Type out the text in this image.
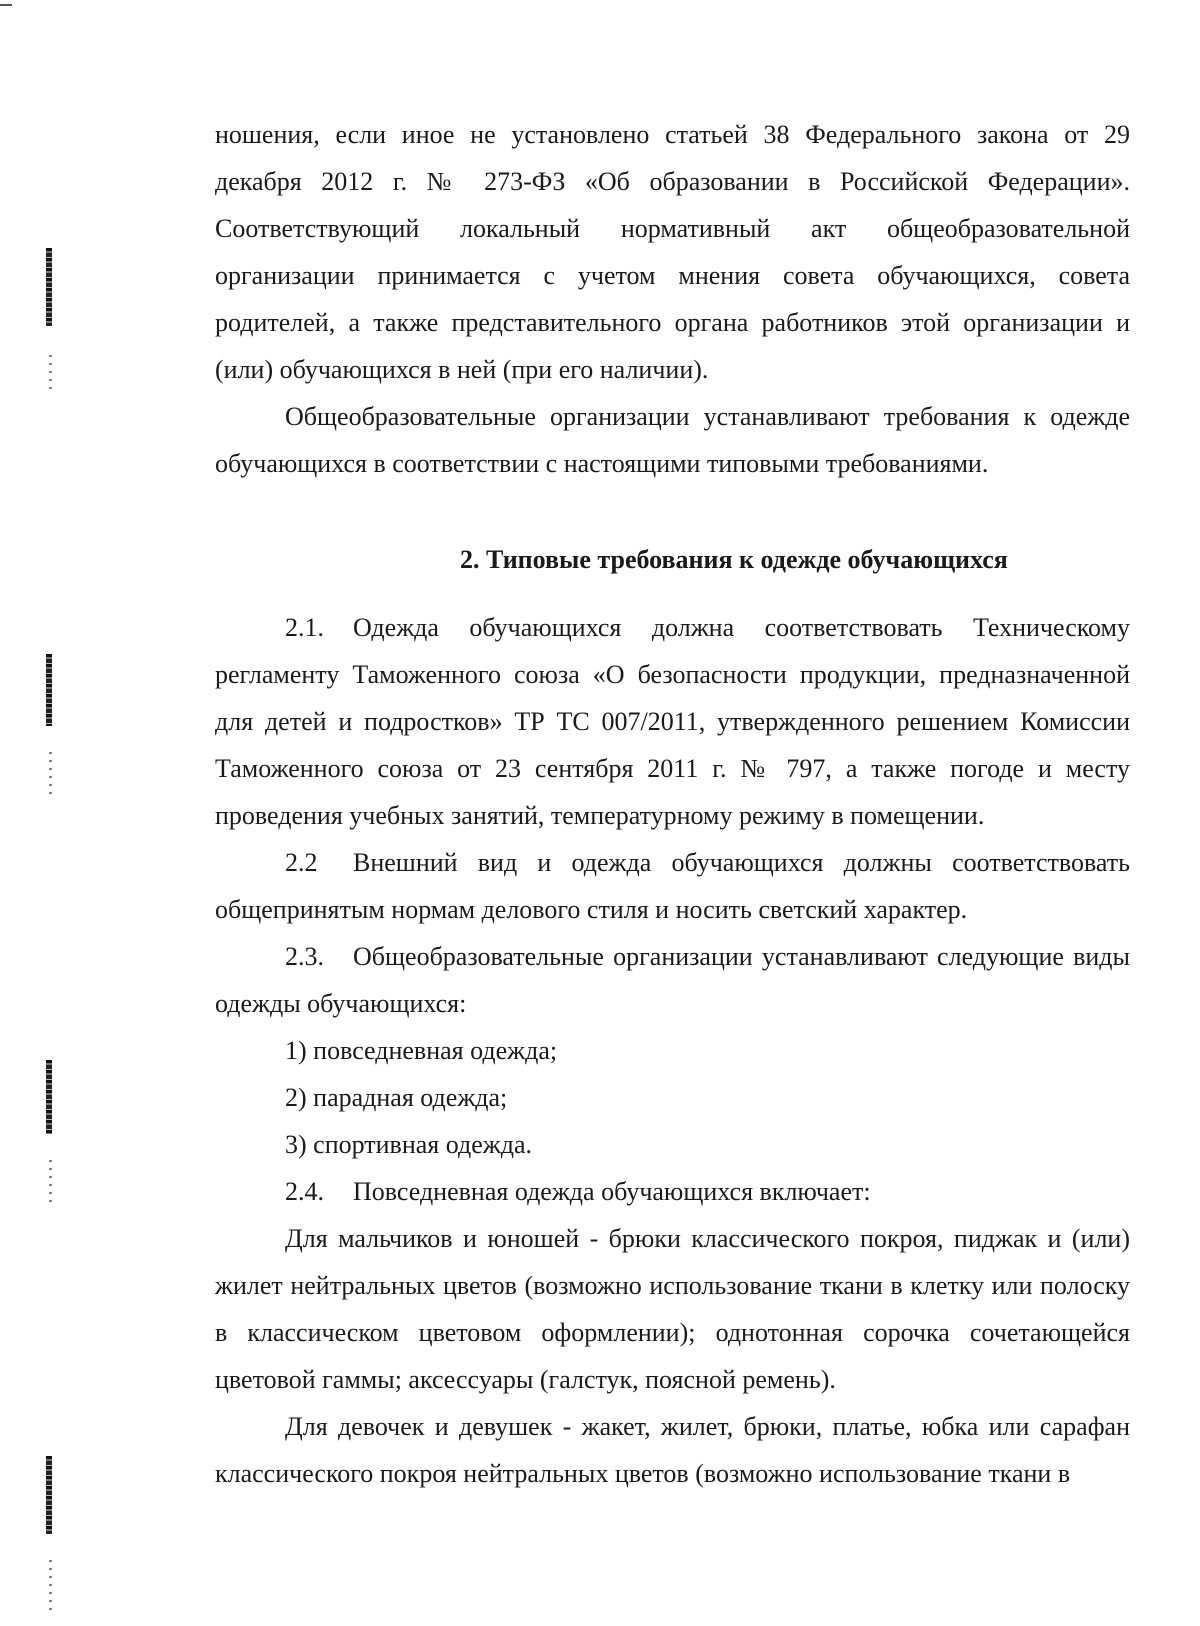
ношения, если иное не установлено статьей 38 Федерального закона от 29 декабря 2012 г. № 273-ФЗ «Об образовании в Российской Федерации». Соответствующий локальный нормативный акт общеобразовательной организации принимается с учетом мнения совета обучающихся, совета родителей, а также представительного органа работников этой организации и (или) обучающихся в ней (при его наличии).

Общеобразовательные организации устанавливают требования к одежде обучающихся в соответствии с настоящими типовыми требованиями.

2. Типовые требования к одежде обучающихся

2.1. Одежда обучающихся должна соответствовать Техническому регламенту Таможенного союза «О безопасности продукции, предназначенной для детей и подростков» ТР ТС 007/2011, утвержденного решением Комиссии Таможенного союза от 23 сентября 2011 г. № 797, а также погоде и месту проведения учебных занятий, температурному режиму в помещении.

2.2 Внешний вид и одежда обучающихся должны соответствовать общепринятым нормам делового стиля и носить светский характер.

2.3. Общеобразовательные организации устанавливают следующие виды одежды обучающихся:

1) повседневная одежда;

2) парадная одежда;

3) спортивная одежда.

2.4. Повседневная одежда обучающихся включает:

Для мальчиков и юношей - брюки классического покроя, пиджак и (или) жилет нейтральных цветов (возможно использование ткани в клетку или полоску в классическом цветовом оформлении); однотонная сорочка сочетающейся цветовой гаммы; аксессуары (галстук, поясной ремень).

Для девочек и девушек - жакет, жилет, брюки, платье, юбка или сарафан классического покроя нейтральных цветов (возможно использование ткани в
